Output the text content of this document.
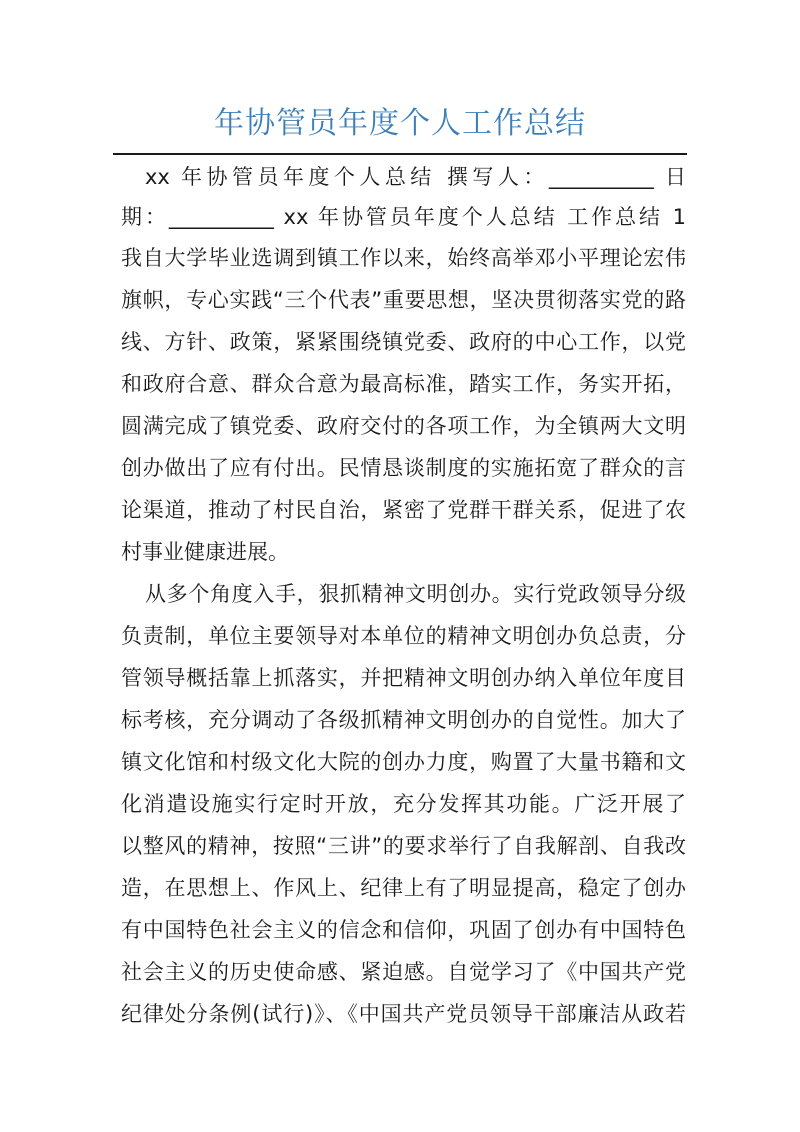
年协管员年度个人工作总结
xx 年协管员年度个人总结 撰写人：__________ 日
期：__________ xx 年协管员年度个人总结 工作总结 1
我自大学毕业选调到镇工作以来，始终高举邓小平理论宏伟
旗帜，专心实践“三个代表”重要思想，坚决贯彻落实党的路
线、方针、政策，紧紧围绕镇党委、政府的中心工作，以党
和政府合意、群众合意为最高标准，踏实工作，务实开拓，
圆满完成了镇党委、政府交付的各项工作，为全镇两大文明
创办做出了应有付出。民情恳谈制度的实施拓宽了群众的言
论渠道，推动了村民自治，紧密了党群干群关系，促进了农
村事业健康进展。
从多个角度入手，狠抓精神文明创办。实行党政领导分级
负责制，单位主要领导对本单位的精神文明创办负总责，分
管领导概括靠上抓落实，并把精神文明创办纳入单位年度目
标考核，充分调动了各级抓精神文明创办的自觉性。加大了
镇文化馆和村级文化大院的创办力度，购置了大量书籍和文
化消遣设施实行定时开放，充分发挥其功能。广泛开展了
以整风的精神，按照“三讲”的要求举行了自我解剖、自我改
造，在思想上、作风上、纪律上有了明显提高，稳定了创办
有中国特色社会主义的信念和信仰，巩固了创办有中国特色
社会主义的历史使命感、紧迫感。自觉学习了《中国共产党
纪律处分条例(试行)》、《中国共产党员领导干部廉洁从政若
